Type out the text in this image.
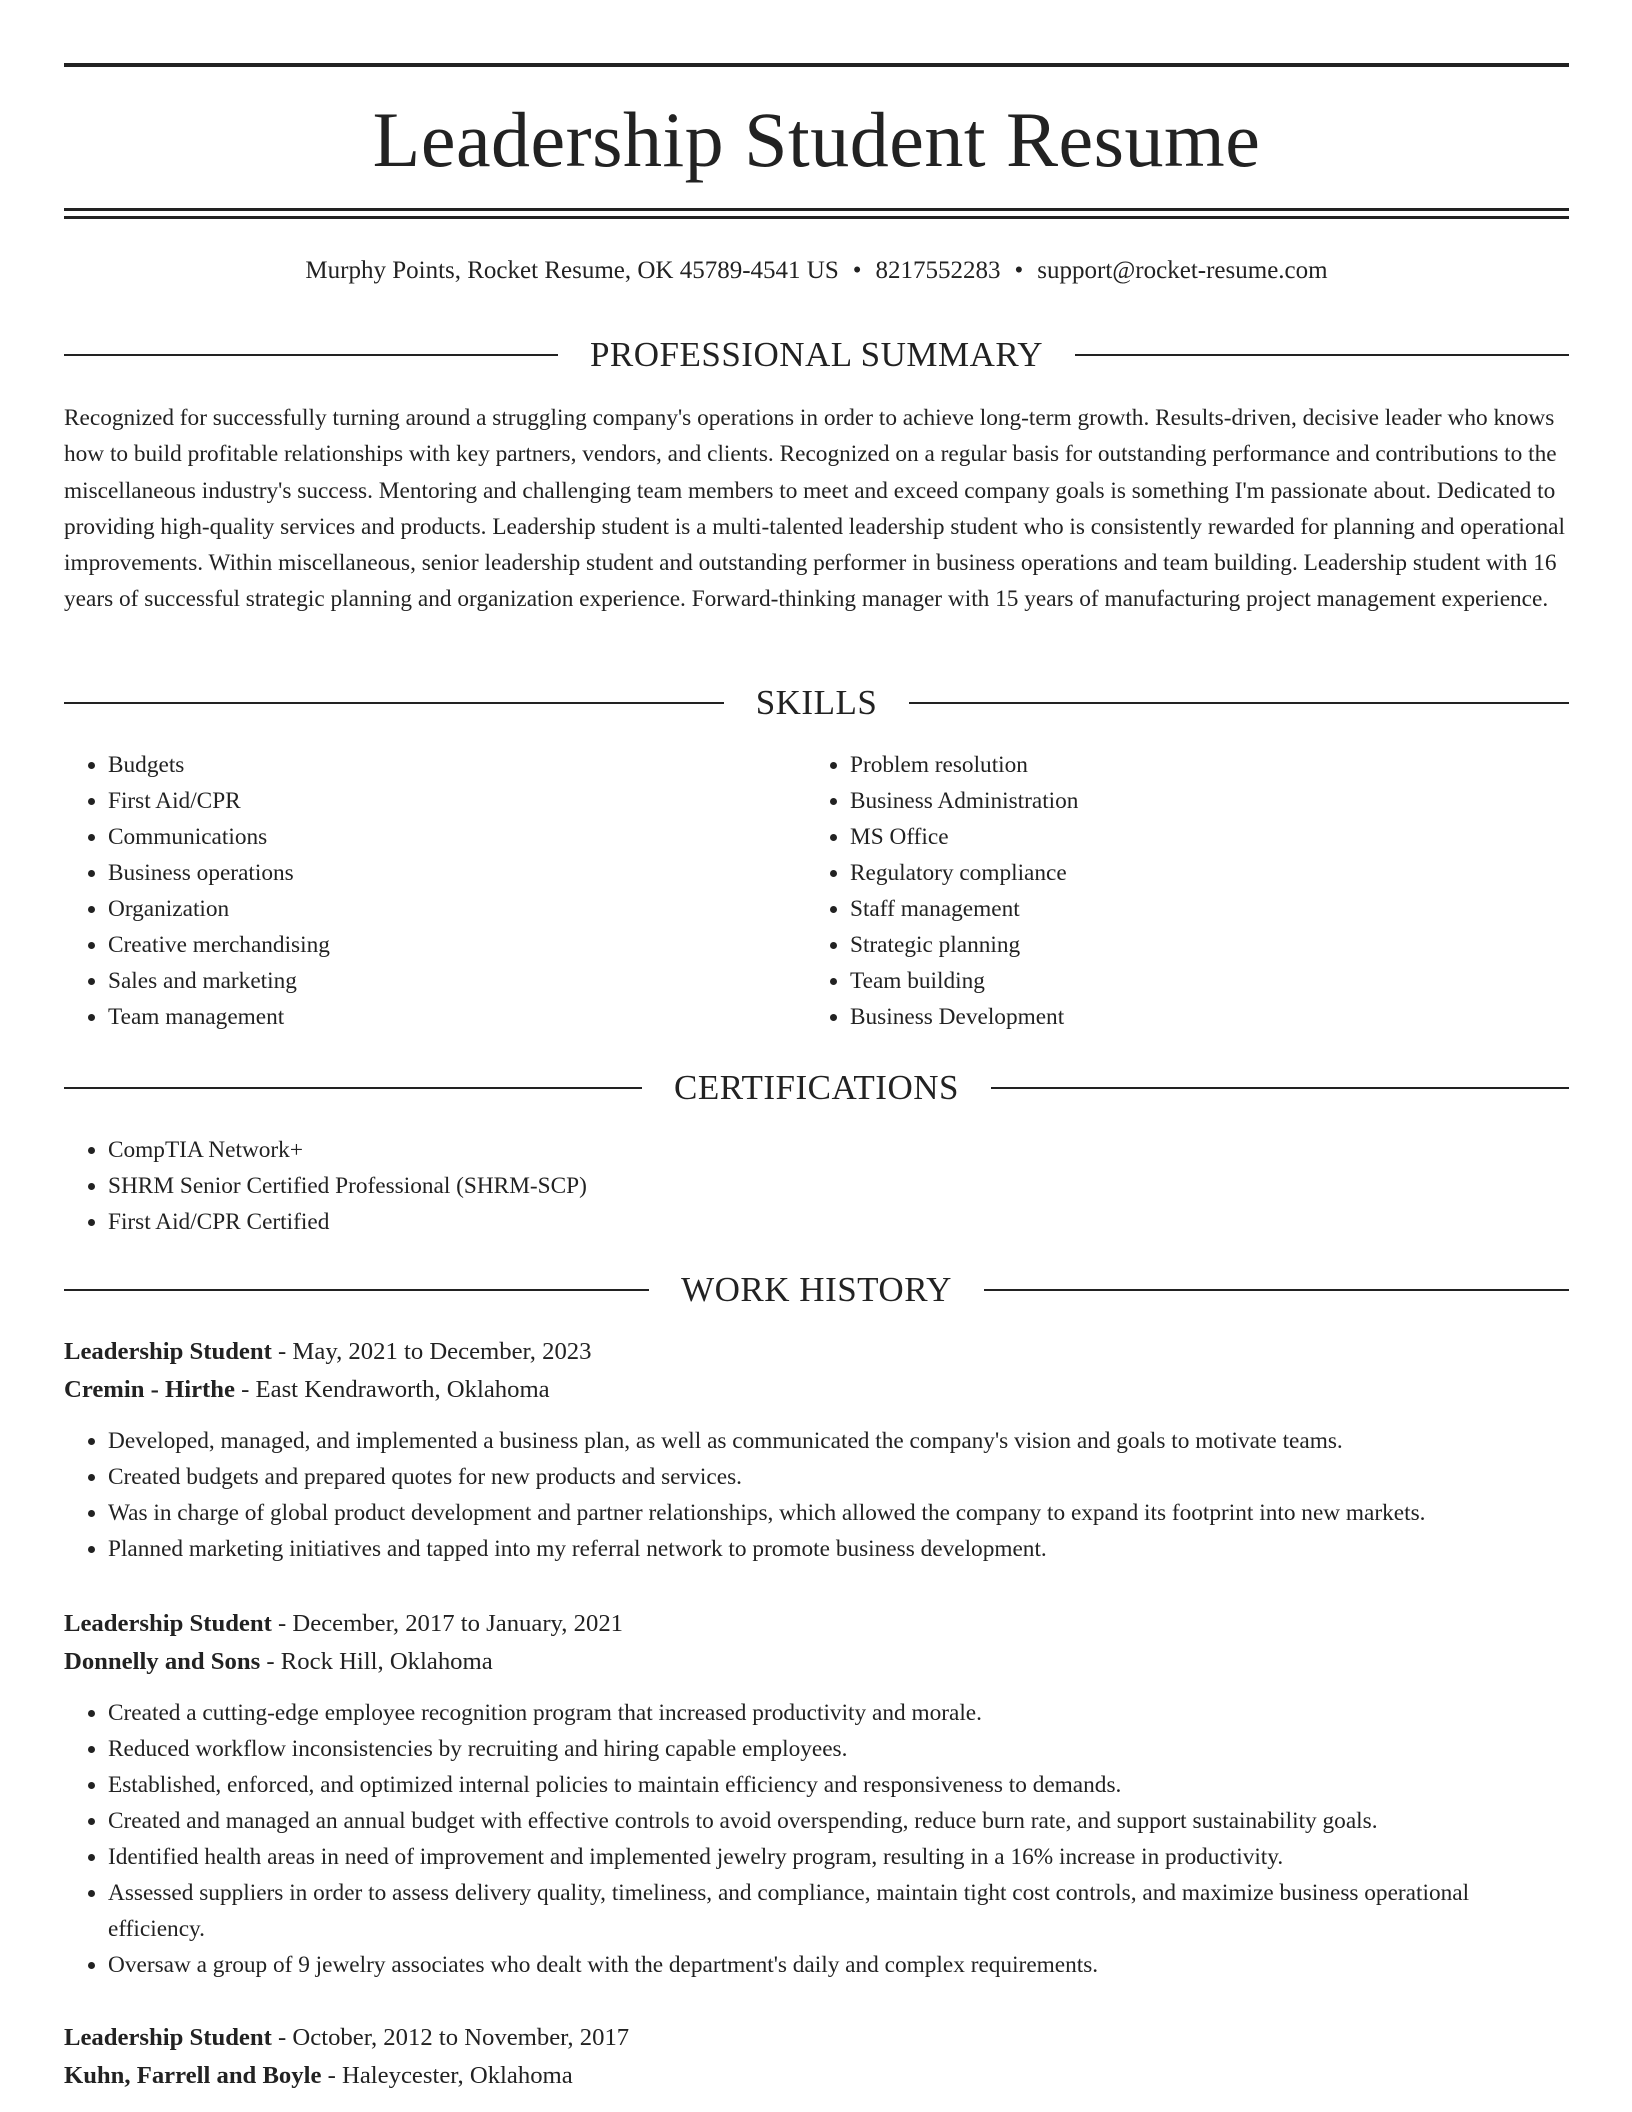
Leadership Student Resume
Murphy Points, Rocket Resume, OK 45789-4541 US • 8217552283 • support@rocket-resume.com
PROFESSIONAL SUMMARY
Recognized for successfully turning around a struggling company's operations in order to achieve long-term growth. Results-driven, decisive leader who knows how to build profitable relationships with key partners, vendors, and clients. Recognized on a regular basis for outstanding performance and contributions to the miscellaneous industry's success. Mentoring and challenging team members to meet and exceed company goals is something I'm passionate about. Dedicated to providing high-quality services and products. Leadership student is a multi-talented leadership student who is consistently rewarded for planning and operational improvements. Within miscellaneous, senior leadership student and outstanding performer in business operations and team building. Leadership student with 16 years of successful strategic planning and organization experience. Forward-thinking manager with 15 years of manufacturing project management experience.
SKILLS
• Budgets
• First Aid/CPR
• Communications
• Business operations
• Organization
• Creative merchandising
• Sales and marketing
• Team management
• Problem resolution
• Business Administration
• MS Office
• Regulatory compliance
• Staff management
• Strategic planning
• Team building
• Business Development
CERTIFICATIONS
• CompTIA Network+
• SHRM Senior Certified Professional (SHRM-SCP)
• First Aid/CPR Certified
WORK HISTORY
Leadership Student - May, 2021 to December, 2023
Cremin - Hirthe - East Kendraworth, Oklahoma
• Developed, managed, and implemented a business plan, as well as communicated the company's vision and goals to motivate teams.
• Created budgets and prepared quotes for new products and services.
• Was in charge of global product development and partner relationships, which allowed the company to expand its footprint into new markets.
• Planned marketing initiatives and tapped into my referral network to promote business development.
Leadership Student - December, 2017 to January, 2021
Donnelly and Sons - Rock Hill, Oklahoma
• Created a cutting-edge employee recognition program that increased productivity and morale.
• Reduced workflow inconsistencies by recruiting and hiring capable employees.
• Established, enforced, and optimized internal policies to maintain efficiency and responsiveness to demands.
• Created and managed an annual budget with effective controls to avoid overspending, reduce burn rate, and support sustainability goals.
• Identified health areas in need of improvement and implemented jewelry program, resulting in a 16% increase in productivity.
• Assessed suppliers in order to assess delivery quality, timeliness, and compliance, maintain tight cost controls, and maximize business operational efficiency.
• Oversaw a group of 9 jewelry associates who dealt with the department's daily and complex requirements.
Leadership Student - October, 2012 to November, 2017
Kuhn, Farrell and Boyle - Haleycester, Oklahoma
